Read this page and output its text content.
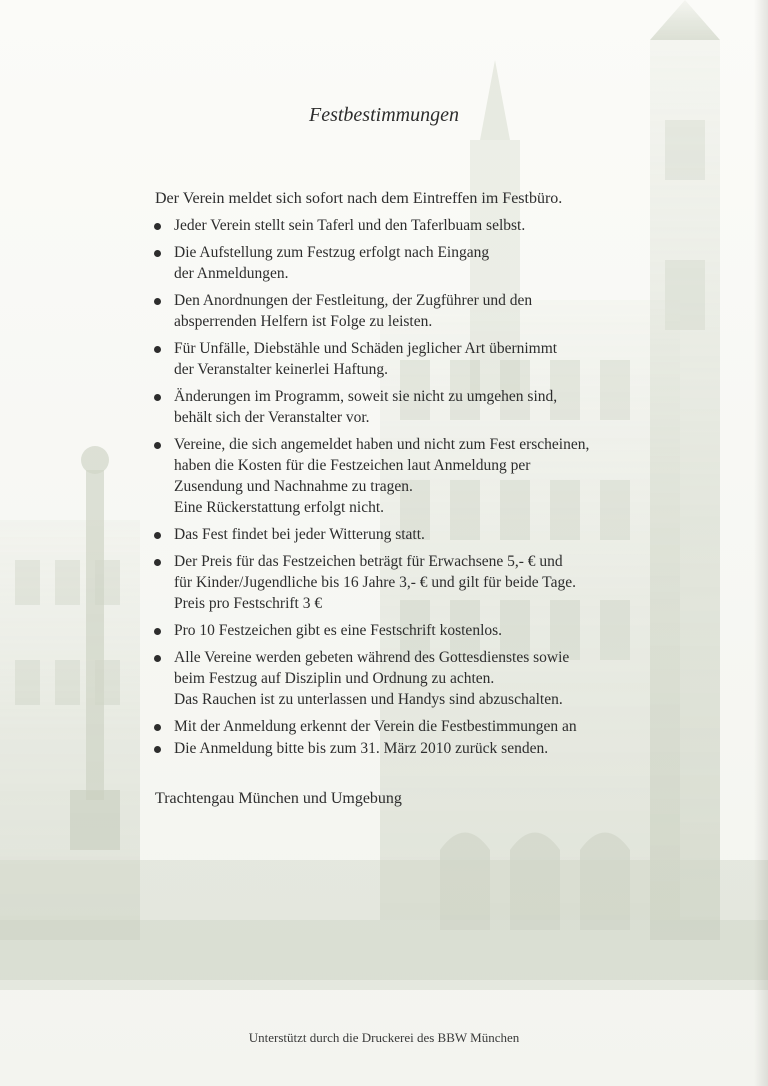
Festbestimmungen
Der Verein meldet sich sofort nach dem Eintreffen im Festbüro.
Jeder Verein stellt sein Taferl und den Taferlbuam selbst.
Die Aufstellung zum Festzug erfolgt nach Eingang
der Anmeldungen.
Den Anordnungen der Festleitung, der Zugführer und den
absperrenden Helfern ist Folge zu leisten.
Für Unfälle, Diebstähle und Schäden jeglicher Art übernimmt
der Veranstalter keinerlei Haftung.
Änderungen im Programm, soweit sie nicht zu umgehen sind,
behält sich der Veranstalter vor.
Vereine, die sich angemeldet haben und nicht zum Fest erscheinen,
haben die Kosten für die Festzeichen laut Anmeldung per
Zusendung und Nachnahme zu tragen.
Eine Rückerstattung erfolgt nicht.
Das Fest findet bei jeder Witterung statt.
Der Preis für das Festzeichen beträgt für Erwachsene 5,- € und
für Kinder/Jugendliche bis 16 Jahre 3,- € und gilt für beide Tage.
Preis pro Festschrift 3 €
Pro 10 Festzeichen gibt es eine Festschrift kostenlos.
Alle Vereine werden gebeten während des Gottesdienstes sowie
beim Festzug auf Disziplin und Ordnung zu achten.
Das Rauchen ist zu unterlassen und Handys sind abzuschalten.
Mit der Anmeldung erkennt der Verein die Festbestimmungen an
Die Anmeldung bitte bis zum 31. März 2010 zurück senden.
Trachtengau München und Umgebung
Unterstützt durch die Druckerei des BBW München
